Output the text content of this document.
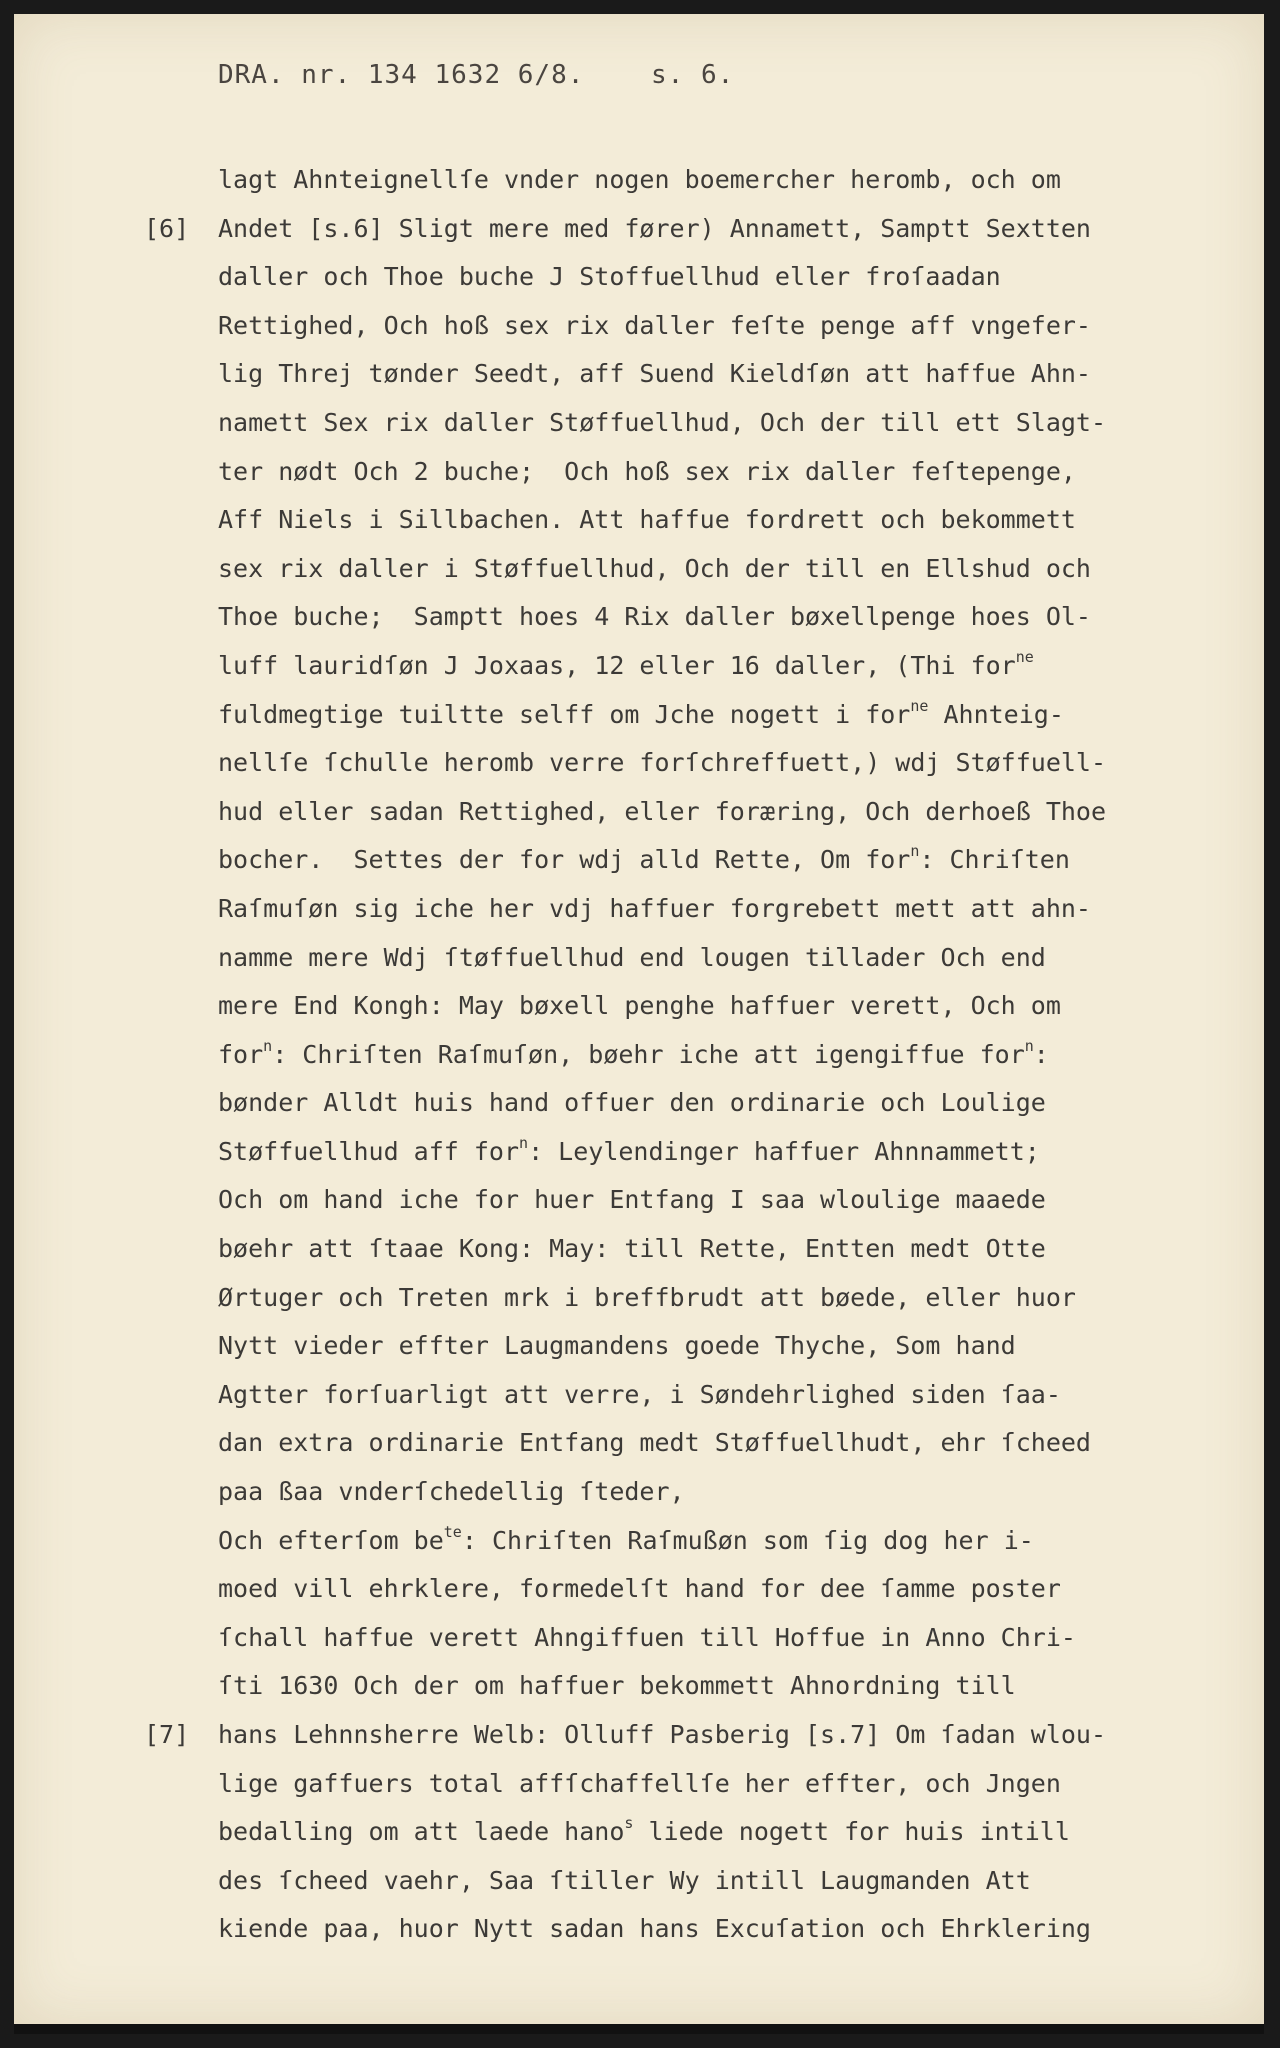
DRA. nr. 134 1632 6/8.    s. 6.
lagt Ahnteignellſe vnder nogen boemercher heromb, och om
[6] Andet [s.6] Sligt mere med fører) Annamett, Samptt Sextten
daller och Thoe buche J Stoffuellhud eller froſaadan
Rettighed, Och hoß sex rix daller feſte penge aff vngefer-
lig Threj tønder Seedt, aff Suend Kieldſøn att haffue Ahn-
namett Sex rix daller Støffuellhud, Och der till ett Slagt-
ter nødt Och 2 buche;  Och hoß sex rix daller feſtepenge,
Aff Niels i Sillbachen. Att haffue fordrett och bekommett
sex rix daller i Støffuellhud, Och der till en Ellshud och
Thoe buche;  Samptt hoes 4 Rix daller bøxellpenge hoes Ol-
luff lauridſøn J Joxaas, 12 eller 16 daller, (Thi for$^{ne}$
fuldmegtige tuiltte selff om Jche nogett i for$^{ne}$ Ahnteig-
nellſe ſchulle heromb verre forſchreffuett,) wdj Støffuell-
hud eller sadan Rettighed, eller foræring, Och derhoeß Thoe
bocher.  Settes der for wdj alld Rette, Om for$^n$: Chriſten
Raſmuſøn sig iche her vdj haffuer forgrebett mett att ahn-
namme mere Wdj ſtøffuellhud end lougen tillader Och end
mere End Kongh: May bøxell penghe haffuer verett, Och om
for$^n$: Chriſten Raſmuſøn, bøehr iche att igengiffue for$^n$:
bønder Alldt huis hand offuer den ordinarie och Loulige
Støffuellhud aff for$^n$: Leylendinger haffuer Ahnnammett;
Och om hand iche for huer Entfang I saa wloulige maaede
bøehr att ſtaae Kong: May: till Rette, Entten medt Otte
Ørtuger och Treten mrk i breffbrudt att bøede, eller huor
Nytt vieder effter Laugmandens goede Thyche, Som hand
Agtter forſuarligt att verre, i Søndehrlighed siden ſaa-
dan extra ordinarie Entfang medt Støffuellhudt, ehr ſcheed
paa ßaa vnderſchedellig ſteder,
Och efterſom $be^{te}$: Chriſten Raſmußøn som ſig dog her i-
moed vill ehrklere, formedelſt hand for dee ſamme poster
ſchall haffue verett Ahngiffuen till Hoffue in Anno Chri-
ſti 1630 Och der om haffuer bekommett Ahnordning till
[7] hans Lehnnsherre Welb: Olluff Pasberig [s.7] Om ſadan wlou-
lige gaffuers total affſchaffellſe her effter, och Jngen
bedalling om att laede hano$^s$ liede nogett for huis intill
des ſcheed vaehr, Saa ſtiller Wy intill Laugmanden Att
kiende paa, huor Nytt sadan hans Excuſation och Ehrklering
